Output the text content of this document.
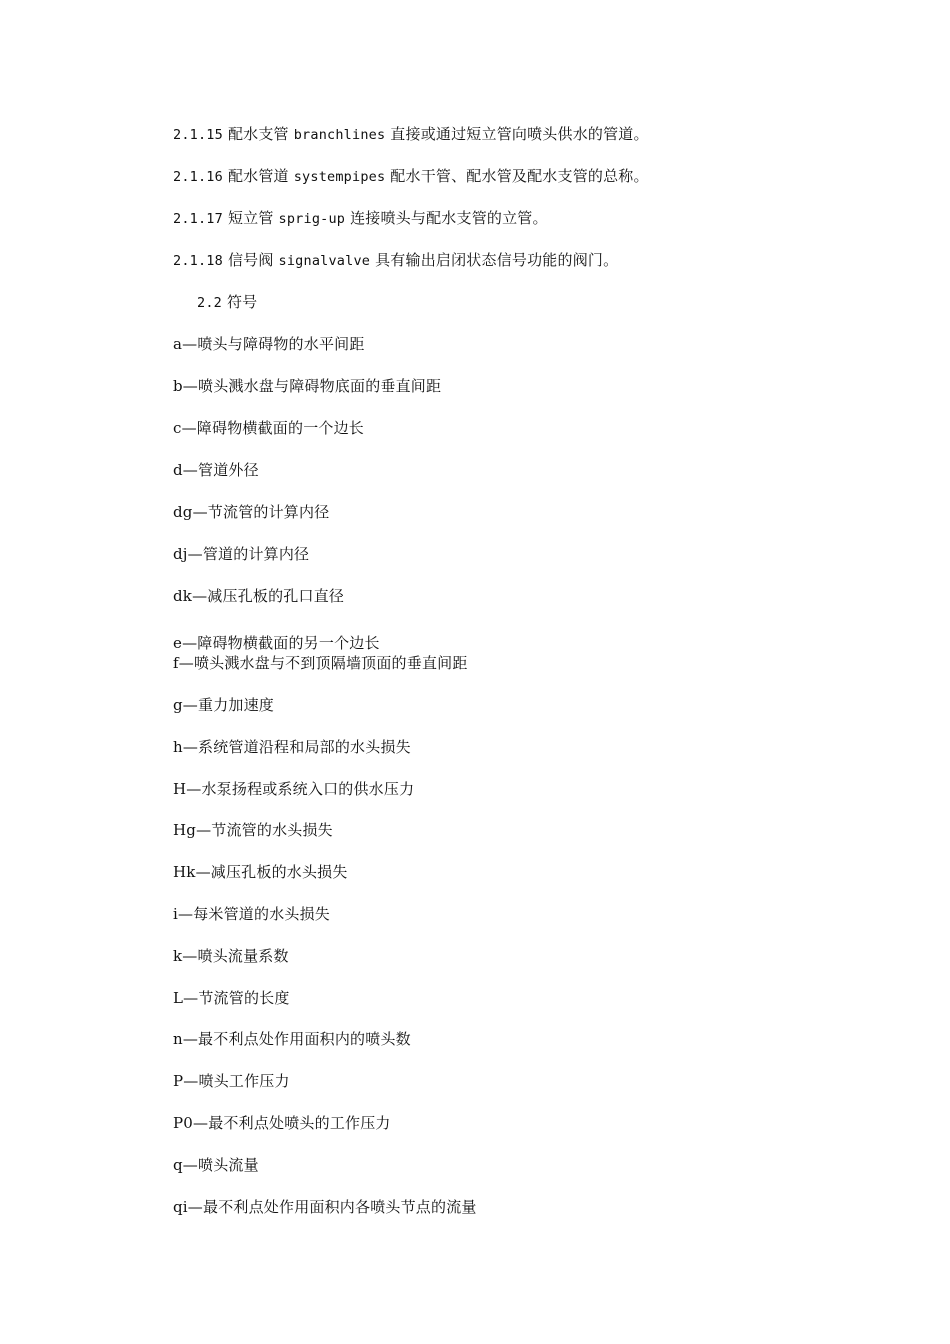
2.1.15 配水支管 branchlines 直接或通过短立管向喷头供水的管道。
2.1.16 配水管道 systempipes 配水干管、配水管及配水支管的总称。
2.1.17 短立管 sprig-up 连接喷头与配水支管的立管。
2.1.18 信号阀 signalvalve 具有输出启闭状态信号功能的阀门。
2.2 符号
a—喷头与障碍物的水平间距
b—喷头溅水盘与障碍物底面的垂直间距
c—障碍物横截面的一个边长
d—管道外径
dg—节流管的计算内径
dj—管道的计算内径
dk—减压孔板的孔口直径
e—障碍物横截面的另一个边长
f—喷头溅水盘与不到顶隔墙顶面的垂直间距
g—重力加速度
h—系统管道沿程和局部的水头损失
H—水泵扬程或系统入口的供水压力
Hg—节流管的水头损失
Hk—减压孔板的水头损失
i—每米管道的水头损失
k—喷头流量系数
L—节流管的长度
n—最不利点处作用面积内的喷头数
P—喷头工作压力
P0—最不利点处喷头的工作压力
q—喷头流量
qi—最不利点处作用面积内各喷头节点的流量
